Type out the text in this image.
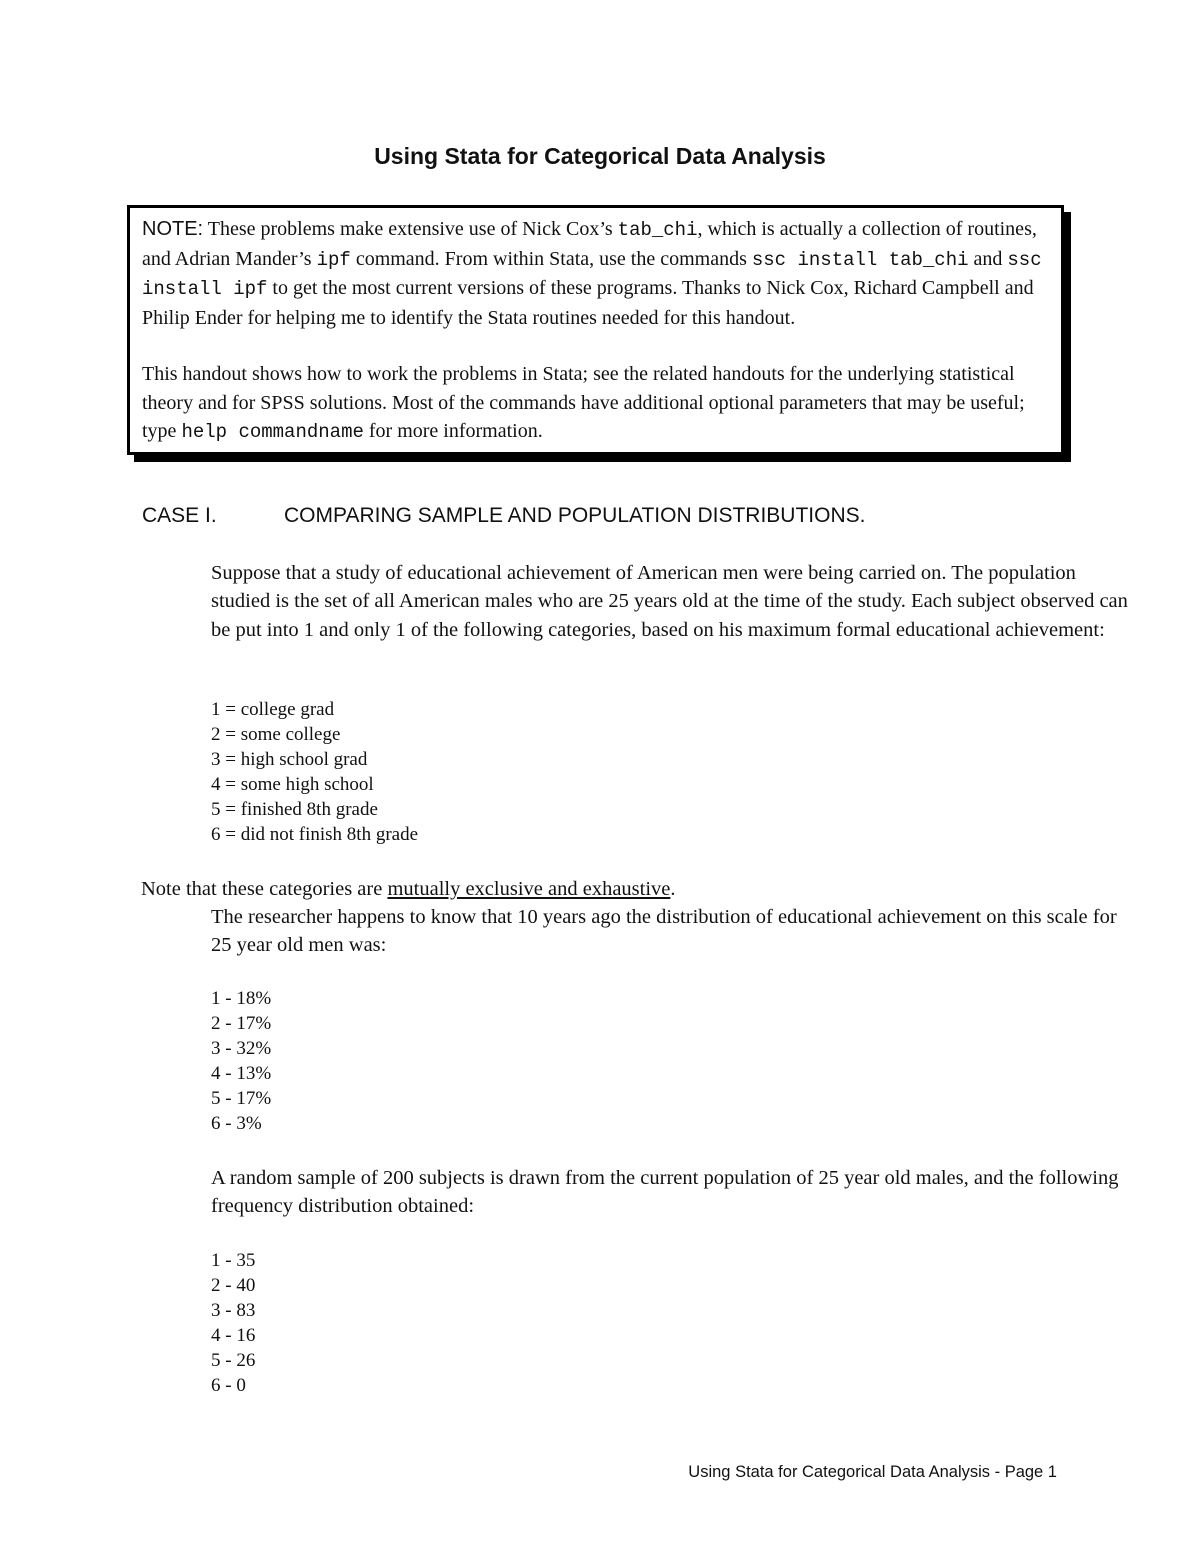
Using Stata for Categorical Data Analysis

NOTE: These problems make extensive use of Nick Cox’s tab_chi, which is actually a collection of routines, and Adrian Mander’s ipf command. From within Stata, use the commands ssc install tab_chi and ssc install ipf to get the most current versions of these programs. Thanks to Nick Cox, Richard Campbell and Philip Ender for helping me to identify the Stata routines needed for this handout.

This handout shows how to work the problems in Stata; see the related handouts for the underlying statistical theory and for SPSS solutions. Most of the commands have additional optional parameters that may be useful; type help commandname for more information.

CASE I.	COMPARING SAMPLE AND POPULATION DISTRIBUTIONS.

Suppose that a study of educational achievement of American men were being carried on. The population studied is the set of all American males who are 25 years old at the time of the study. Each subject observed can be put into 1 and only 1 of the following categories, based on his maximum formal educational achievement:

1 = college grad
2 = some college
3 = high school grad
4 = some high school
5 = finished 8th grade
6 = did not finish 8th grade

Note that these categories are mutually exclusive and exhaustive.

The researcher happens to know that 10 years ago the distribution of educational achievement on this scale for 25 year old men was:

1 - 18%
2 - 17%
3 - 32%
4 - 13%
5 - 17%
6 - 3%

A random sample of 200 subjects is drawn from the current population of 25 year old males, and the following frequency distribution obtained:

1 - 35
2 - 40
3 - 83
4 - 16
5 - 26
6 - 0
Using Stata for Categorical Data Analysis - Page 1
